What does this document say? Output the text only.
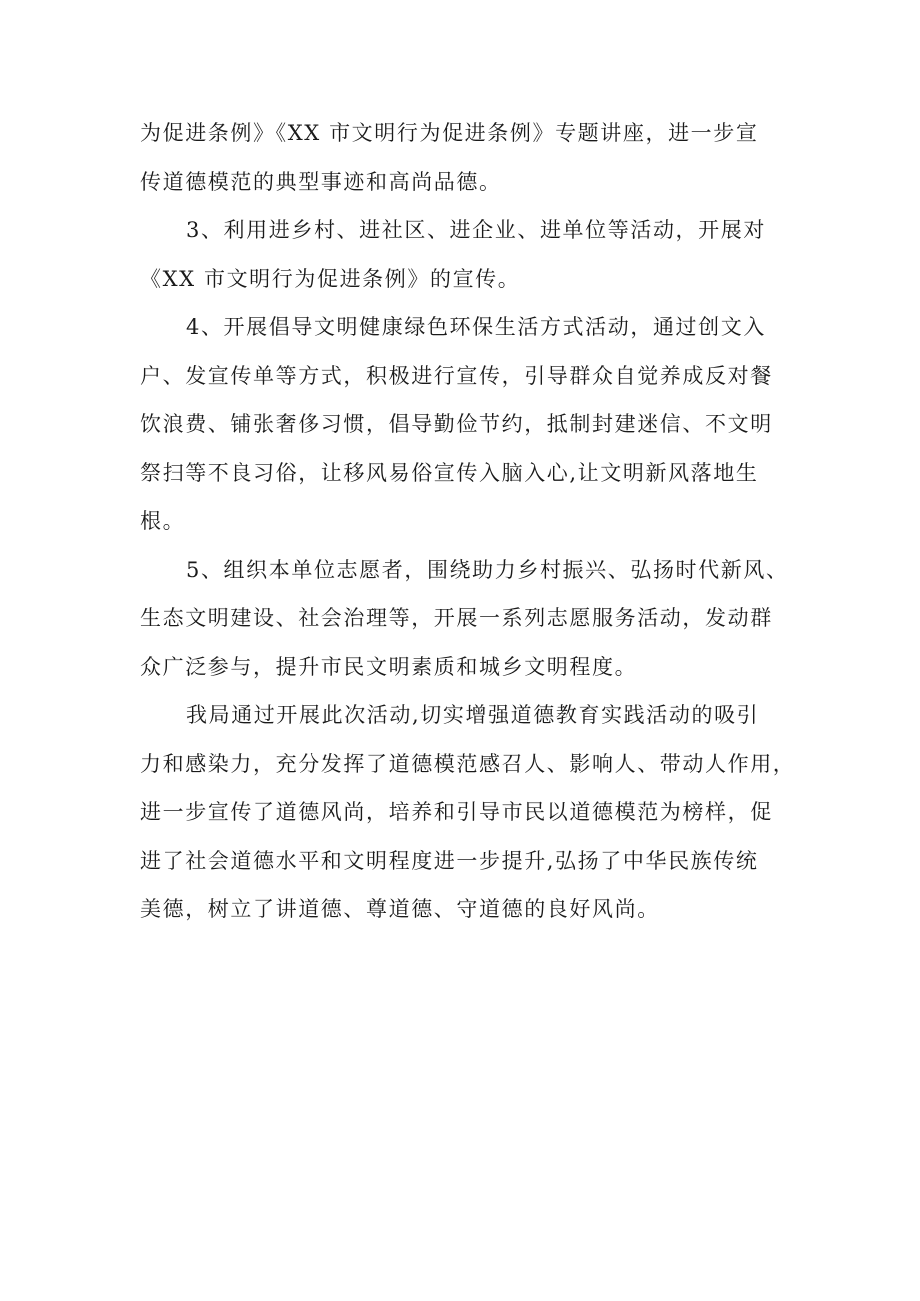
为促进条例》《XX 市文明行为促进条例》专题讲座，进一步宣
传道德模范的典型事迹和高尚品德。

3、利用进乡村、进社区、进企业、进单位等活动，开展对
《XX 市文明行为促进条例》的宣传。

4、开展倡导文明健康绿色环保生活方式活动，通过创文入
户、发宣传单等方式，积极进行宣传，引导群众自觉养成反对餐
饮浪费、铺张奢侈习惯，倡导勤俭节约，抵制封建迷信、不文明
祭扫等不良习俗，让移风易俗宣传入脑入心,让文明新风落地生
根。

5、组织本单位志愿者，围绕助力乡村振兴、弘扬时代新风、
生态文明建设、社会治理等，开展一系列志愿服务活动，发动群
众广泛参与，提升市民文明素质和城乡文明程度。

我局通过开展此次活动,切实增强道德教育实践活动的吸引
力和感染力，充分发挥了道德模范感召人、影响人、带动人作用，
进一步宣传了道德风尚，培养和引导市民以道德模范为榜样，促
进了社会道德水平和文明程度进一步提升,弘扬了中华民族传统
美德，树立了讲道德、尊道德、守道德的良好风尚。
